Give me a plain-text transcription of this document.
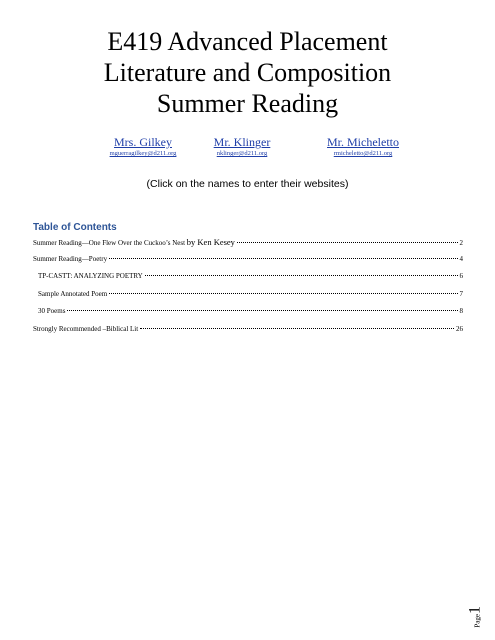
E419 Advanced Placement
Literature and Composition
Summer Reading
Mrs. Gilkey
mguerragilkey@d211.org
Mr. Klinger
nklinger@d211.org
Mr. Micheletto
rmicheletto@d211.org
(Click on the names to enter their websites)
Table of Contents
Summer Reading—One Flew Over the Cuckoo’s Nest by Ken Kesey	2
Summer Reading—Poetry	4
TP-CASTT: ANALYZING POETRY	6
Sample Annotated Poem	7
30 Poems	8
Strongly Recommended –Biblical Lit	26
Page1
